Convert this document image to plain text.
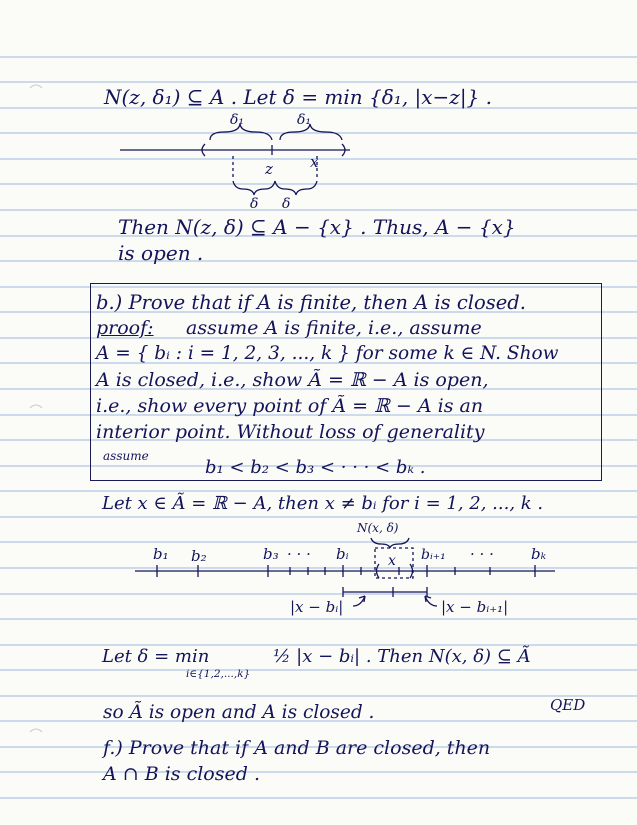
N(z, δ₁) ⊆ A . Let δ = min {δ₁, |x−z|} .
δ₁	δ₁
z x
δ δ
Then N(z, δ) ⊆ A − {x} . Thus, A − {x}
is open .
b.) Prove that if A is finite, then A is closed.
proof: assume A is finite, i.e., assume
A = { bᵢ : i = 1, 2, 3, ..., k } for some k ∈ N. Show
A is closed, i.e., show Ã = ℝ − A is open,
i.e., show every point of Ã = ℝ − A is an
interior point. Without loss of generality
assume
b₁ < b₂ < b₃ < · · · < bₖ .
Let x ∈ Ã = ℝ − A, then x ≠ bᵢ for i = 1, 2, ..., k .
N(x, δ)
b₁ b₂	b₃ · · · bᵢ	x bᵢ₊₁ · · · bₖ
|x − bᵢ|	|x − bᵢ₊₁|
Let δ = min
i∈{1,2,...,k}
½ |x − bᵢ| . Then N(x, δ) ⊆ Ã
so Ã is open and A is closed .	QED
f.) Prove that if A and B are closed, then
A ∩ B is closed .
